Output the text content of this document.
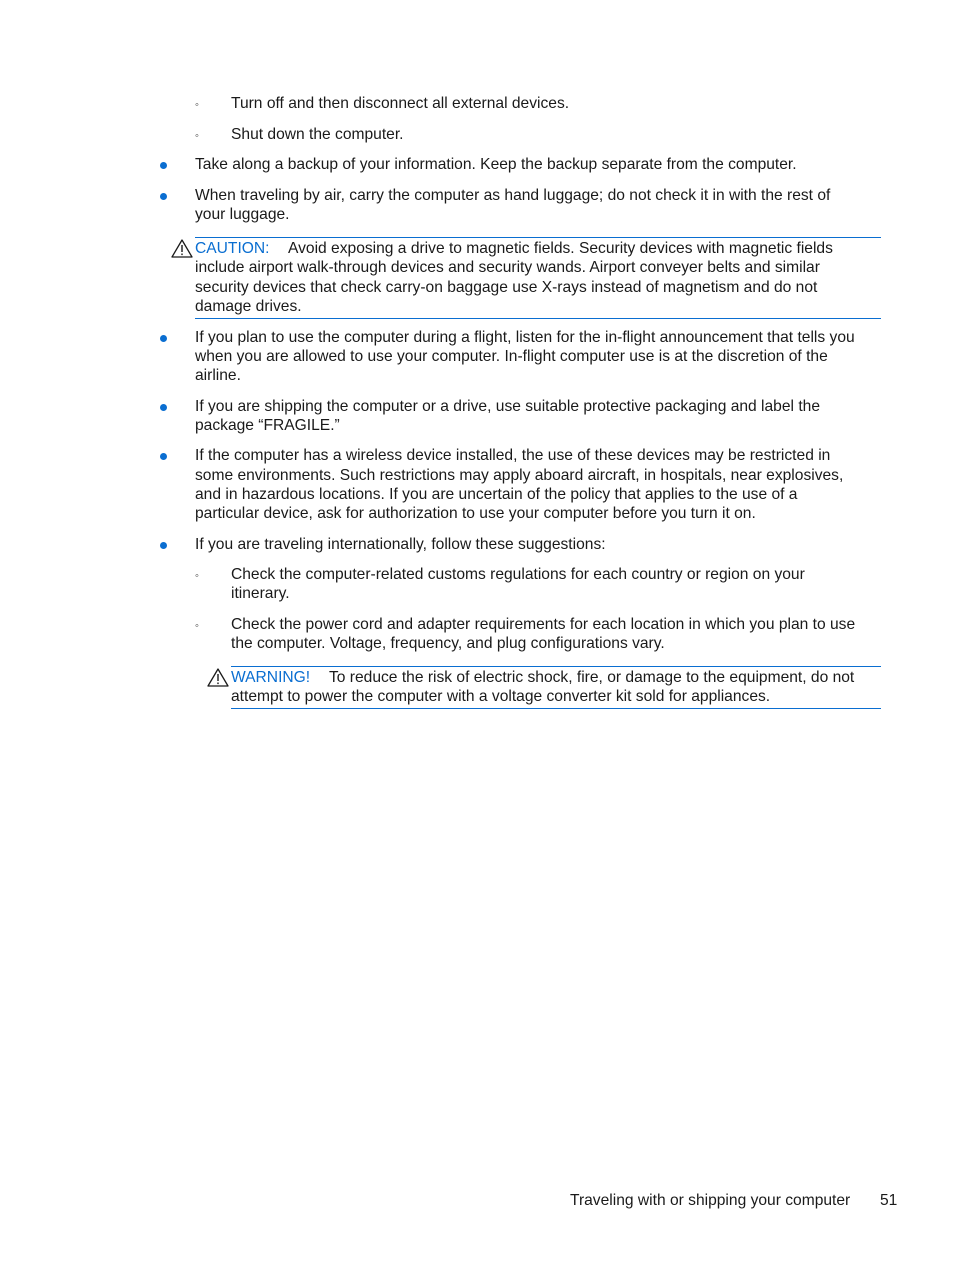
◦ Turn off and then disconnect all external devices.
◦ Shut down the computer.
Take along a backup of your information. Keep the backup separate from the computer.
When traveling by air, carry the computer as hand luggage; do not check it in with the rest of
your luggage.
CAUTION: Avoid exposing a drive to magnetic fields. Security devices with magnetic fields
include airport walk-through devices and security wands. Airport conveyer belts and similar
security devices that check carry-on baggage use X-rays instead of magnetism and do not
damage drives.
If you plan to use the computer during a flight, listen for the in-flight announcement that tells you
when you are allowed to use your computer. In-flight computer use is at the discretion of the
airline.
If you are shipping the computer or a drive, use suitable protective packaging and label the
package “FRAGILE.”
If the computer has a wireless device installed, the use of these devices may be restricted in
some environments. Such restrictions may apply aboard aircraft, in hospitals, near explosives,
and in hazardous locations. If you are uncertain of the policy that applies to the use of a
particular device, ask for authorization to use your computer before you turn it on.
If you are traveling internationally, follow these suggestions:
◦ Check the computer-related customs regulations for each country or region on your
itinerary.
◦ Check the power cord and adapter requirements for each location in which you plan to use
the computer. Voltage, frequency, and plug configurations vary.
WARNING! To reduce the risk of electric shock, fire, or damage to the equipment, do not
attempt to power the computer with a voltage converter kit sold for appliances.
Traveling with or shipping your computer 51
